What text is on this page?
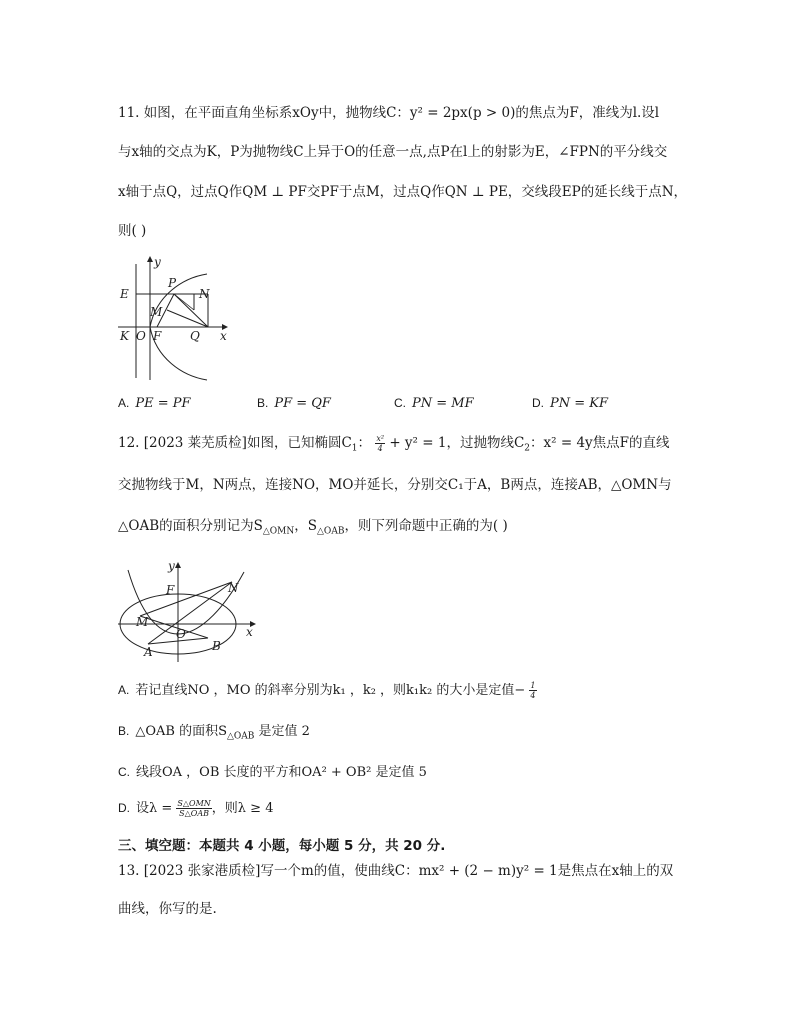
11. 如图，在平面直角坐标系xOy中，抛物线C：y² = 2px(p > 0)的焦点为F，准线为l.设l
与x轴的交点为K，P为抛物线C上异于O的任意一点,点P在l上的射影为E，∠FPN的平分线交
x轴于点Q，过点Q作QM ⊥ PF交PF于点M，过点Q作QN ⊥ PE，交线段EP的延长线于点N，
则( )
y
x
E
P
N
M
K O F Q
A. PE = PF	B. PF = QF	C. PN = MF	D. PN = KF
12. [2023 莱芜质检]如图，已知椭圆$C_1$： $\frac{\text{x²}}{4} + y^2 = 1$，过抛物线$C_2$：x² = 4y焦点F的直线
交抛物线于M，N两点，连接NO，MO并延长，分别交C₁于A，B两点，连接AB，△OMN与
△OAB的面积分别记为$S_{\triangle OMN}$，$S_{\triangle OAB}$，则下列命题中正确的为( )
y
x
F	N
M
O
A	B
A. 若记直线NO ，MO 的斜率分别为k₁ ，k₂ ，则k₁k₂ 的大小是定值− $\frac{1}{4}$
B. △OAB 的面积$S_{\triangle OAB}$ 是定值 2
C. 线段OA ，OB 长度的平方和OA² + OB² 是定值 5
D. 设$\lambda = \frac{\text{S△OMN}}{\text{S△OAB}}$ ，则λ ≥ 4
三、填空题：本题共 4 小题，每小题 5 分，共 20 分.
13. [2023 张家港质检]写一个m的值，使曲线C：mx² + (2 − m)y² = 1是焦点在x轴上的双
曲线，你写的是.
